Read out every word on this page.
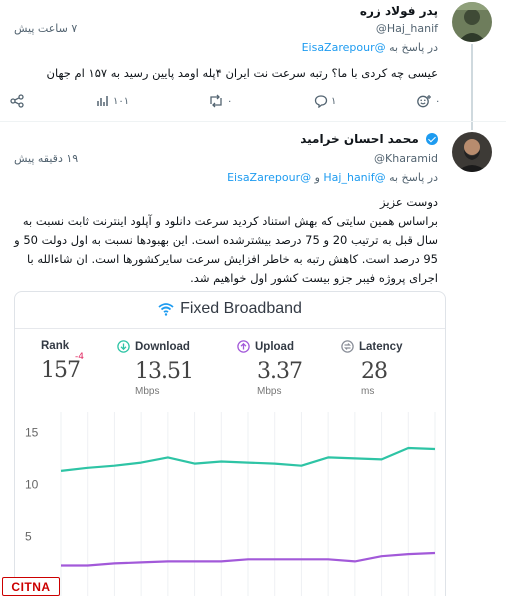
پدر فولاد زره
@Haj_hanif
۷ ساعت پیش
در پاسخ به @EisaZarepour
عیسی چه کردی با ما؟ رتبه سرعت نت ایران ۴پله اومد پایین رسید به ۱۵۷ ام جهان
۱۰۱	۰	۱	۰
محمد احسان خرامید
@Kharamid
۱۹ دقیقه پیش
در پاسخ به @Haj_hanif و @EisaZarepour
دوست عزیز
براساس همین سایتی که بهش استناد کردید سرعت دانلود و آپلود اینترنت ثابت نسبت به سال قبل به ترتیب 20 و 75 درصد بیشترشده است. این بهبودها نسبت به اول دولت 50 و 95 درصد است. کاهش رتبه به خاطر افزایش سرعت سایرکشورها است. ان شاءالله با اجرای پروژه فیبر جزو بیست کشور اول خواهیم شد.
Fixed Broadband
Rank
157
-4
Download
13.51
Mbps
Upload
3.37
Mbps
Latency
28
ms
15
10
5
CITNA
